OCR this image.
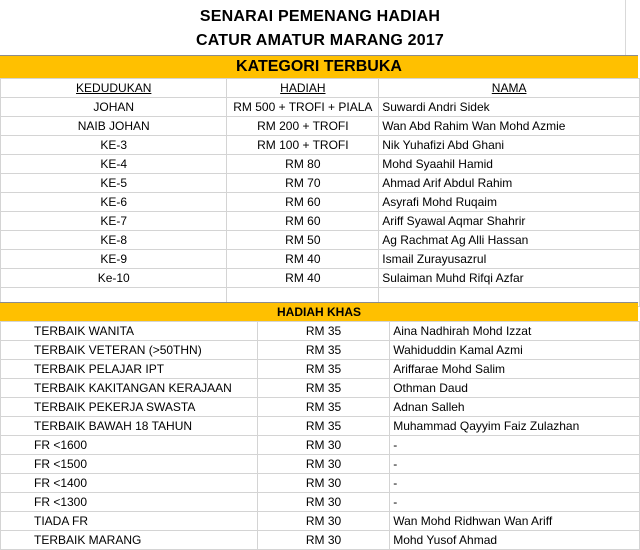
SENARAI PEMENANG HADIAH
CATUR AMATUR MARANG 2017
KATEGORI TERBUKA
KEDUDUKAN	HADIAH	NAMA
JOHAN	RM 500 + TROFI + PIALA	Suwardi Andri Sidek
NAIB JOHAN	RM 200 + TROFI	Wan Abd Rahim Wan Mohd Azmie
KE-3	RM 100 + TROFI	Nik Yuhafizi Abd Ghani
KE-4	RM 80	Mohd Syaahil Hamid
KE-5	RM 70	Ahmad Arif Abdul Rahim
KE-6	RM 60	Asyrafi Mohd Ruqaim
KE-7	RM 60	Ariff Syawal Aqmar Shahrir
KE-8	RM 50	Ag Rachmat Ag Alli Hassan
KE-9	RM 40	Ismail Zurayusazrul
Ke-10	RM 40	Sulaiman Muhd Rifqi Azfar

HADIAH KHAS
TERBAIK WANITA	RM 35	Aina Nadhirah Mohd Izzat
TERBAIK VETERAN (>50THN)	RM 35	Wahiduddin Kamal Azmi
TERBAIK PELAJAR IPT	RM 35	Ariffarae Mohd Salim
TERBAIK KAKITANGAN KERAJAAN	RM 35	Othman Daud
TERBAIK PEKERJA SWASTA	RM 35	Adnan Salleh
TERBAIK BAWAH 18 TAHUN	RM 35	Muhammad Qayyim Faiz Zulazhan
FR <1600	RM 30	-
FR <1500	RM 30	-
FR <1400	RM 30	-
FR <1300	RM 30	-
TIADA FR	RM 30	Wan Mohd Ridhwan Wan Ariff
TERBAIK MARANG	RM 30	Mohd Yusof Ahmad
